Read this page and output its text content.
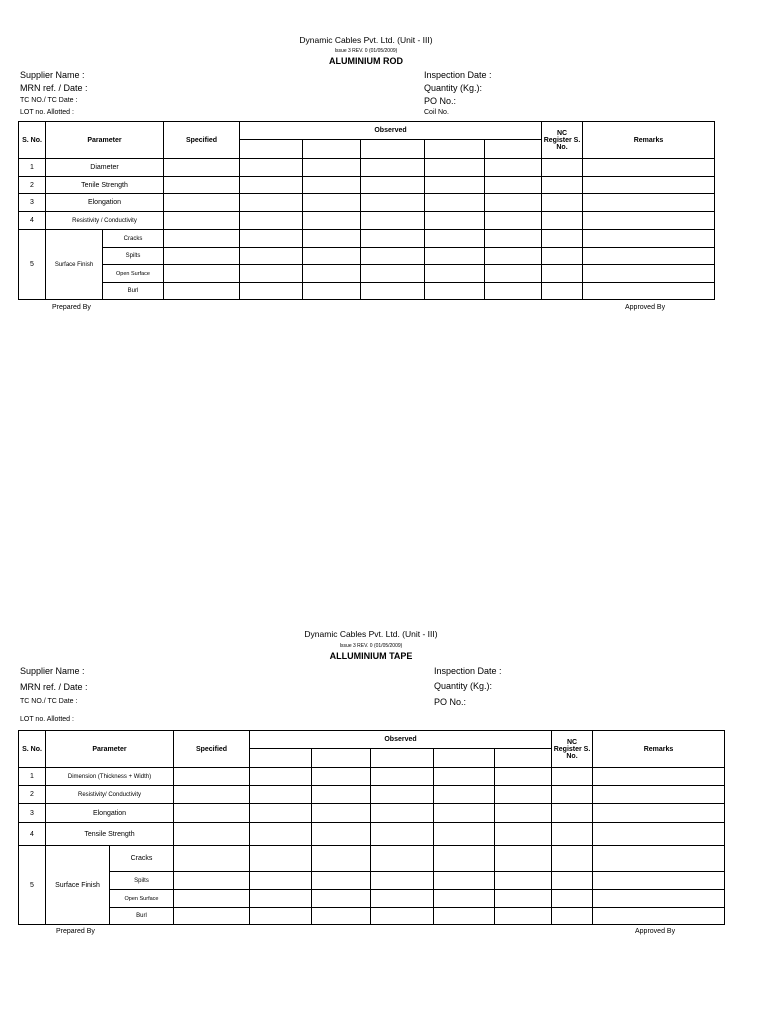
Dynamic Cables Pvt. Ltd. (Unit - III)
Issue 3 REV. 0 (01/05/2009)
ALUMINIUM ROD
Supplier Name :
MRN ref. / Date :
TC NO./ TC Date :
LOT no. Allotted :
Inspection Date :
Quantity (Kg.):
PO No.:
Coil No.
S. No.	Parameter		Specified	Observed					NC Register S. No.	Remarks

1	Diameter									
2	Tenile Strength									
3	Elongation									
4	Resistivity / Conductivity									
5	Surface Finish	Cracks								
		Spilts								
		Open Surface								
		Burl								
Prepared By	Approved By
Dynamic Cables Pvt. Ltd. (Unit - III)
Issue 3 REV. 0 (01/05/2009)
ALLUMINIUM TAPE
Supplier Name :
MRN ref. / Date :
TC NO./ TC Date :
LOT no. Allotted :
Inspection Date :
Quantity (Kg.):
PO No.:
S. No.	Parameter		Specified	Observed					NC Register S. No.	Remarks

1	Dimension (Thickness + Width)									
2	Resistivity/ Conductivity									
3	Elongation									
4	Tensile Strength									
5	Surface Finish	Cracks								
		Spilts								
		Open Surface								
		Burl								
Prepared By	Approved By
